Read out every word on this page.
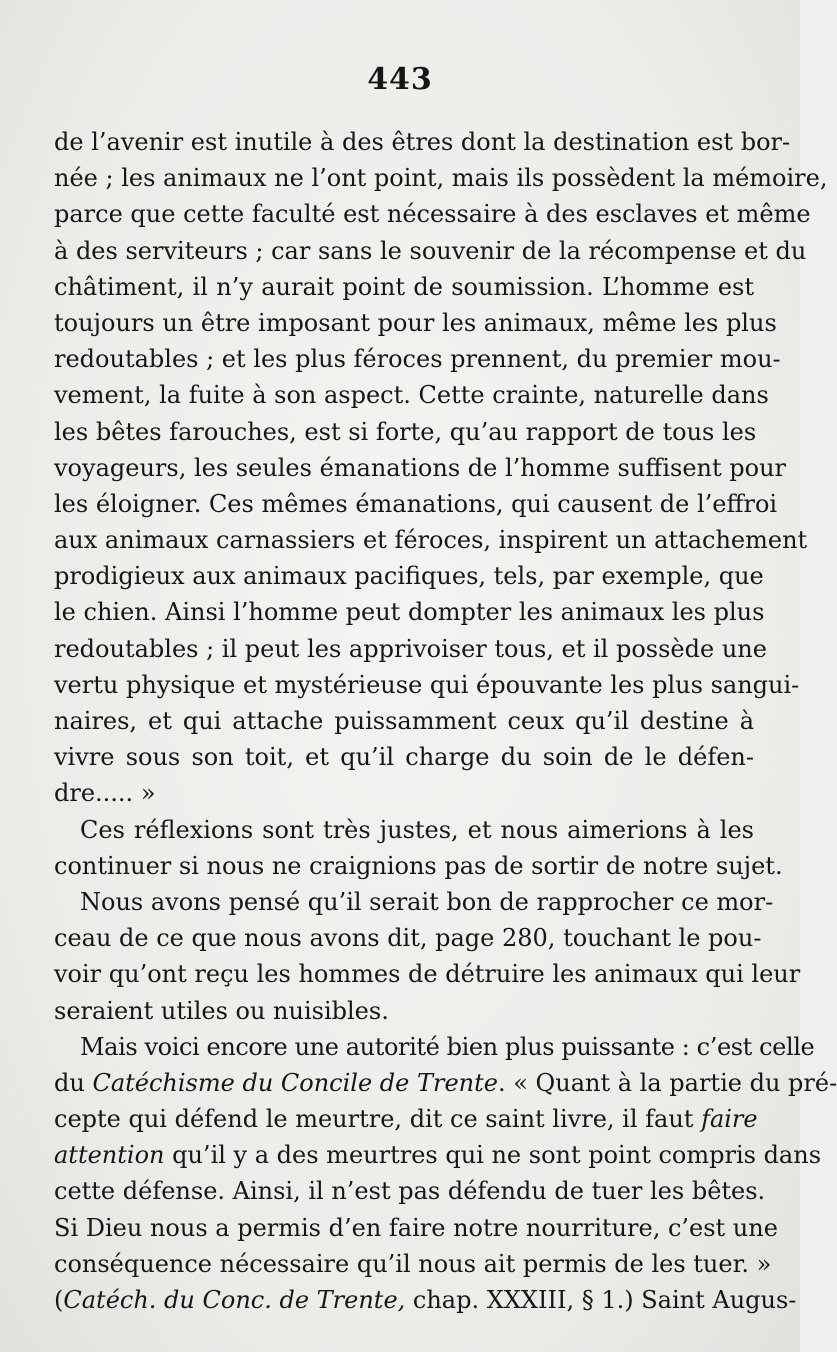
443
de l’avenir est inutile à des êtres dont la destination est bor-
née ; les animaux ne l’ont point, mais ils possèdent la mémoire,
parce que cette faculté est nécessaire à des esclaves et même
à des serviteurs ; car sans le souvenir de la récompense et du
châtiment, il n’y aurait point de soumission. L’homme est
toujours un être imposant pour les animaux, même les plus
redoutables ; et les plus féroces prennent, du premier mou-
vement, la fuite à son aspect. Cette crainte, naturelle dans
les bêtes farouches, est si forte, qu’au rapport de tous les
voyageurs, les seules émanations de l’homme suffisent pour
les éloigner. Ces mêmes émanations, qui causent de l’effroi
aux animaux carnassiers et féroces, inspirent un attachement
prodigieux aux animaux pacifiques, tels, par exemple, que
le chien. Ainsi l’homme peut dompter les animaux les plus
redoutables ; il peut les apprivoiser tous, et il possède une
vertu physique et mystérieuse qui épouvante les plus sangui-
naires, et qui attache puissamment ceux qu’il destine à
vivre sous son toit, et qu’il charge du soin de le défen-
dre..... »
Ces réflexions sont très justes, et nous aimerions à les
continuer si nous ne craignions pas de sortir de notre sujet.
Nous avons pensé qu’il serait bon de rapprocher ce mor-
ceau de ce que nous avons dit, page 280, touchant le pou-
voir qu’ont reçu les hommes de détruire les animaux qui leur
seraient utiles ou nuisibles.
Mais voici encore une autorité bien plus puissante : c’est celle
du Catéchisme du Concile de Trente. « Quant à la partie du pré-
cepte qui défend le meurtre, dit ce saint livre, il faut faire
attention qu’il y a des meurtres qui ne sont point compris dans
cette défense. Ainsi, il n’est pas défendu de tuer les bêtes.
Si Dieu nous a permis d’en faire notre nourriture, c’est une
conséquence nécessaire qu’il nous ait permis de les tuer. »
(Catéch. du Conc. de Trente, chap. XXXIII, § 1.) Saint Augus-
